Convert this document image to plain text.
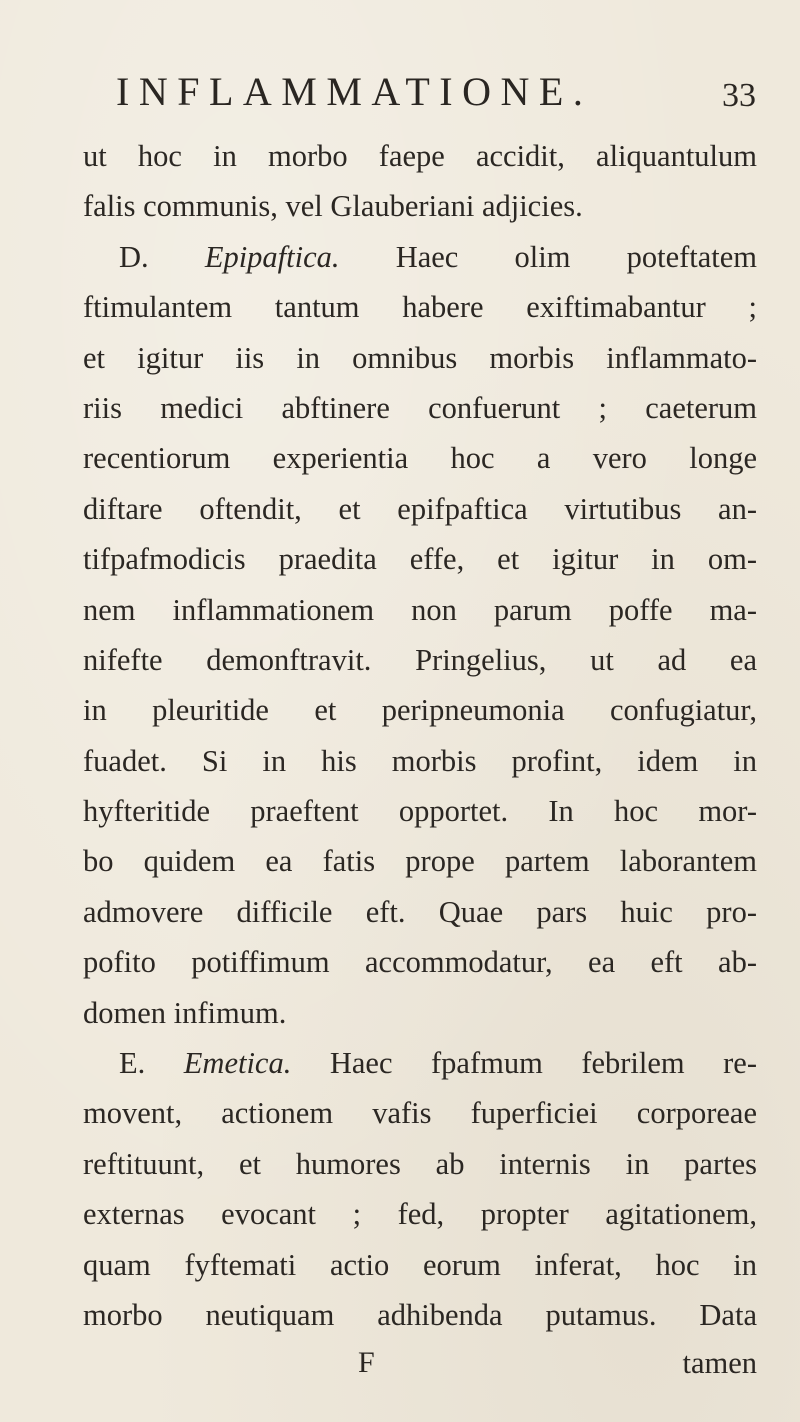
INFLAMMATIONE.	33
ut hoc in morbo faepe accidit, aliquantulum
falis communis, vel Glauberiani adjicies.
D. Epipaftica. Haec olim poteftatem
ftimulantem tantum habere exiftimabantur ;
et igitur iis in omnibus morbis inflammato-
riis medici abftinere confuerunt ; caeterum
recentiorum experientia hoc a vero longe
diftare oftendit, et epifpaftica virtutibus an-
tifpafmodicis praedita effe, et igitur in om-
nem inflammationem non parum poffe ma-
nifefte demonftravit. Pringelius, ut ad ea
in pleuritide et peripneumonia confugiatur,
fuadet. Si in his morbis profint, idem in
hyfteritide praeftent opportet. In hoc mor-
bo quidem ea fatis prope partem laborantem
admovere difficile eft. Quae pars huic pro-
pofito potiffimum accommodatur, ea eft ab-
domen infimum.
E. Emetica. Haec fpafmum febrilem re-
movent, actionem vafis fuperficiei corporeae
reftituunt, et humores ab internis in partes
externas evocant ; fed, propter agitationem,
quam fyftemati actio eorum inferat, hoc in
morbo neutiquam adhibenda putamus. Data
F	tamen
